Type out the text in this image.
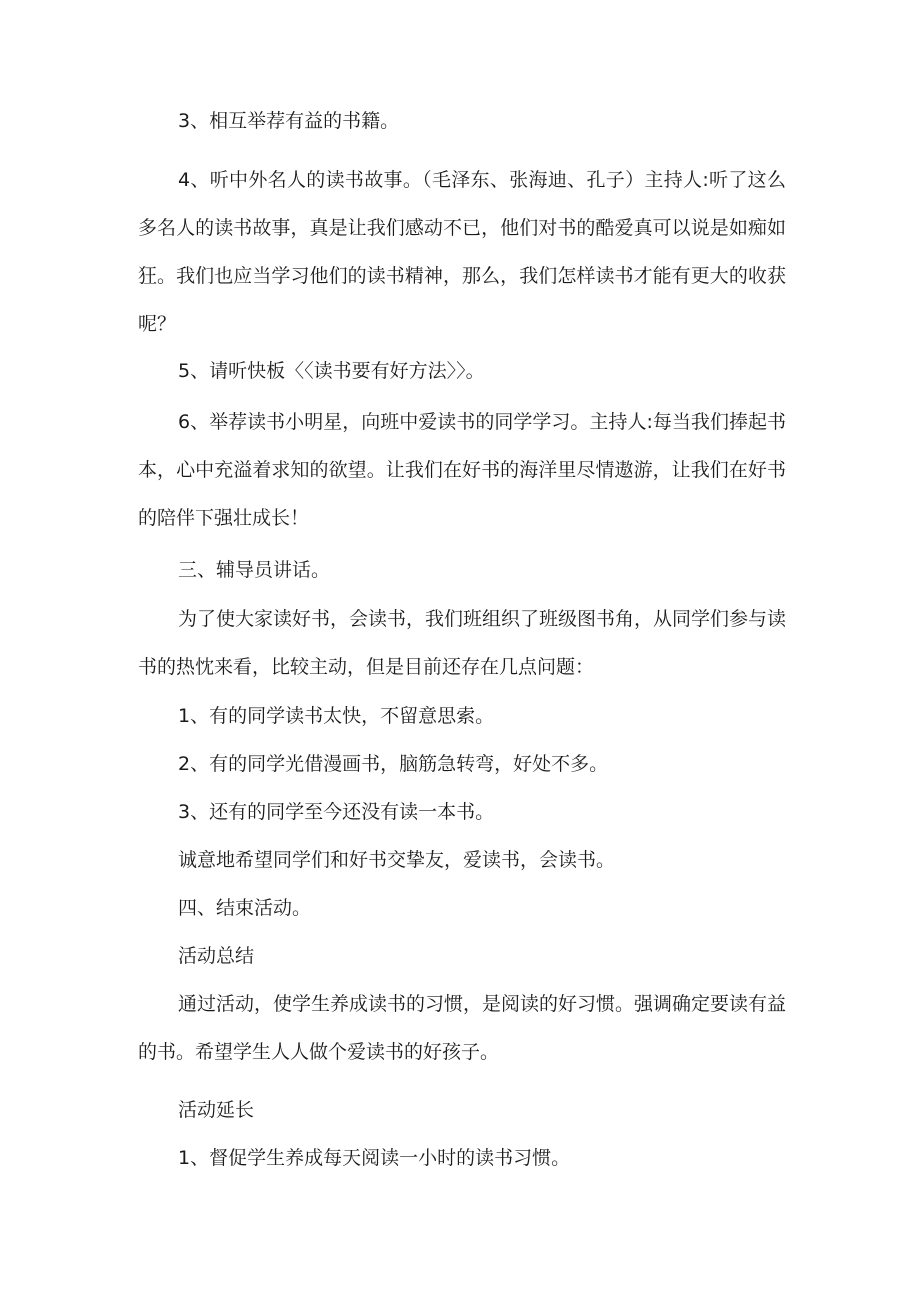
3、相互举荐有益的书籍。

4、听中外名人的读书故事。（毛泽东、张海迪、孔子）主持人:听了这么多名人的读书故事，真是让我们感动不已，他们对书的酷爱真可以说是如痴如狂。我们也应当学习他们的读书精神，那么，我们怎样读书才能有更大的收获呢？

5、请听快板〈〈读书要有好方法〉〉。

6、举荐读书小明星，向班中爱读书的同学学习。主持人:每当我们捧起书本，心中充溢着求知的欲望。让我们在好书的海洋里尽情遨游，让我们在好书的陪伴下强壮成长！

三、辅导员讲话。

为了使大家读好书，会读书，我们班组织了班级图书角，从同学们参与读书的热忱来看，比较主动，但是目前还存在几点问题：

1、有的同学读书太快，不留意思索。

2、有的同学光借漫画书，脑筋急转弯，好处不多。

3、还有的同学至今还没有读一本书。

诚意地希望同学们和好书交挚友，爱读书，会读书。

四、结束活动。

活动总结

通过活动，使学生养成读书的习惯，是阅读的好习惯。强调确定要读有益的书。希望学生人人做个爱读书的好孩子。

活动延长

1、督促学生养成每天阅读一小时的读书习惯。
